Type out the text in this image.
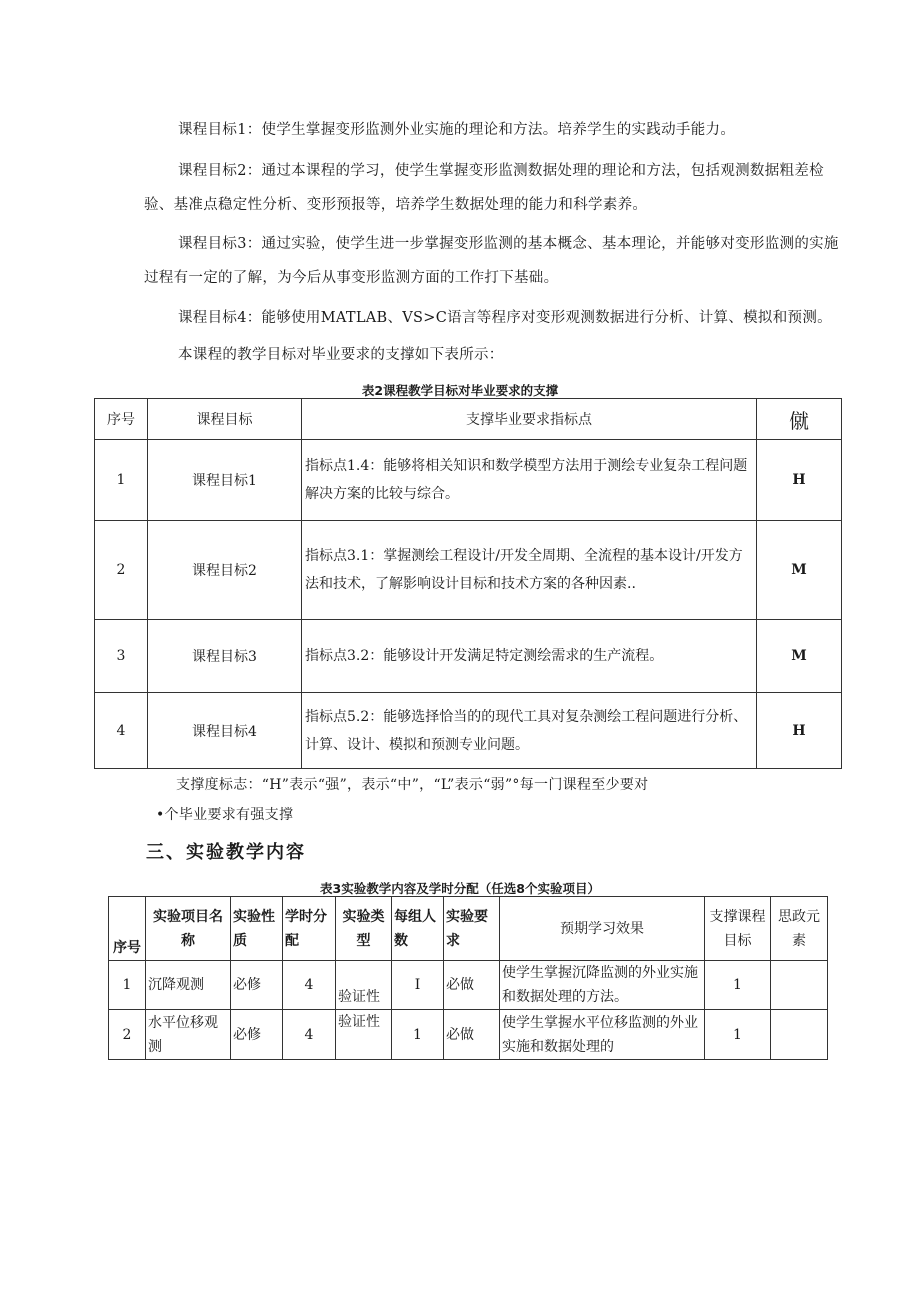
课程目标1：使学生掌握变形监测外业实施的理论和方法。培养学生的实践动手能力。

课程目标2：通过本课程的学习，使学生掌握变形监测数据处理的理论和方法，包括观测数据粗差检验、基准点稳定性分析、变形预报等，培养学生数据处理的能力和科学素养。

课程目标3：通过实验，使学生进一步掌握变形监测的基本概念、基本理论，并能够对变形监测的实施过程有一定的了解，为今后从事变形监测方面的工作打下基础。

课程目标4：能够使用MATLAB、VS>C语言等程序对变形观测数据进行分析、计算、模拟和预测。

本课程的教学目标对毕业要求的支撑如下表所示：

表2课程教学目标对毕业要求的支撑

序号	课程目标	支撑毕业要求指标点	僦
1	课程目标1	指标点1.4：能够将相关知识和数学模型方法用于测绘专业复杂工程问题解决方案的比较与综合。	H
2	课程目标2	指标点3.1：掌握测绘工程设计/开发全周期、全流程的基本设计/开发方法和技术，了解影响设计目标和技术方案的各种因素..	M
3	课程目标3	指标点3.2：能够设计开发满足特定测绘需求的生产流程。	M
4	课程目标4	指标点5.2：能够选择恰当的的现代工具对复杂测绘工程问题进行分析、计算、设计、模拟和预测专业问题。	H

支撑度标志：“H”表示“强”，表示“中”，“L”表示“弱”°每一门课程至少要对

•个毕业要求有强支撑

三、实验教学内容

表3实验教学内容及学时分配（任选8个实验项目）

序号	实验项目名称	实验性质	学时分配	实验类型	每组人数	实验要求	预期学习效果	支撑课程目标	思政元素
1	沉降观测	必修	4	验证性	I	必做	使学生掌握沉降监测的外业实施和数据处理的方法。	1	
2	水平位移观测	必修	4	验证性	1	必做	使学生掌握水平位移监测的外业实施和数据处理的	1	
